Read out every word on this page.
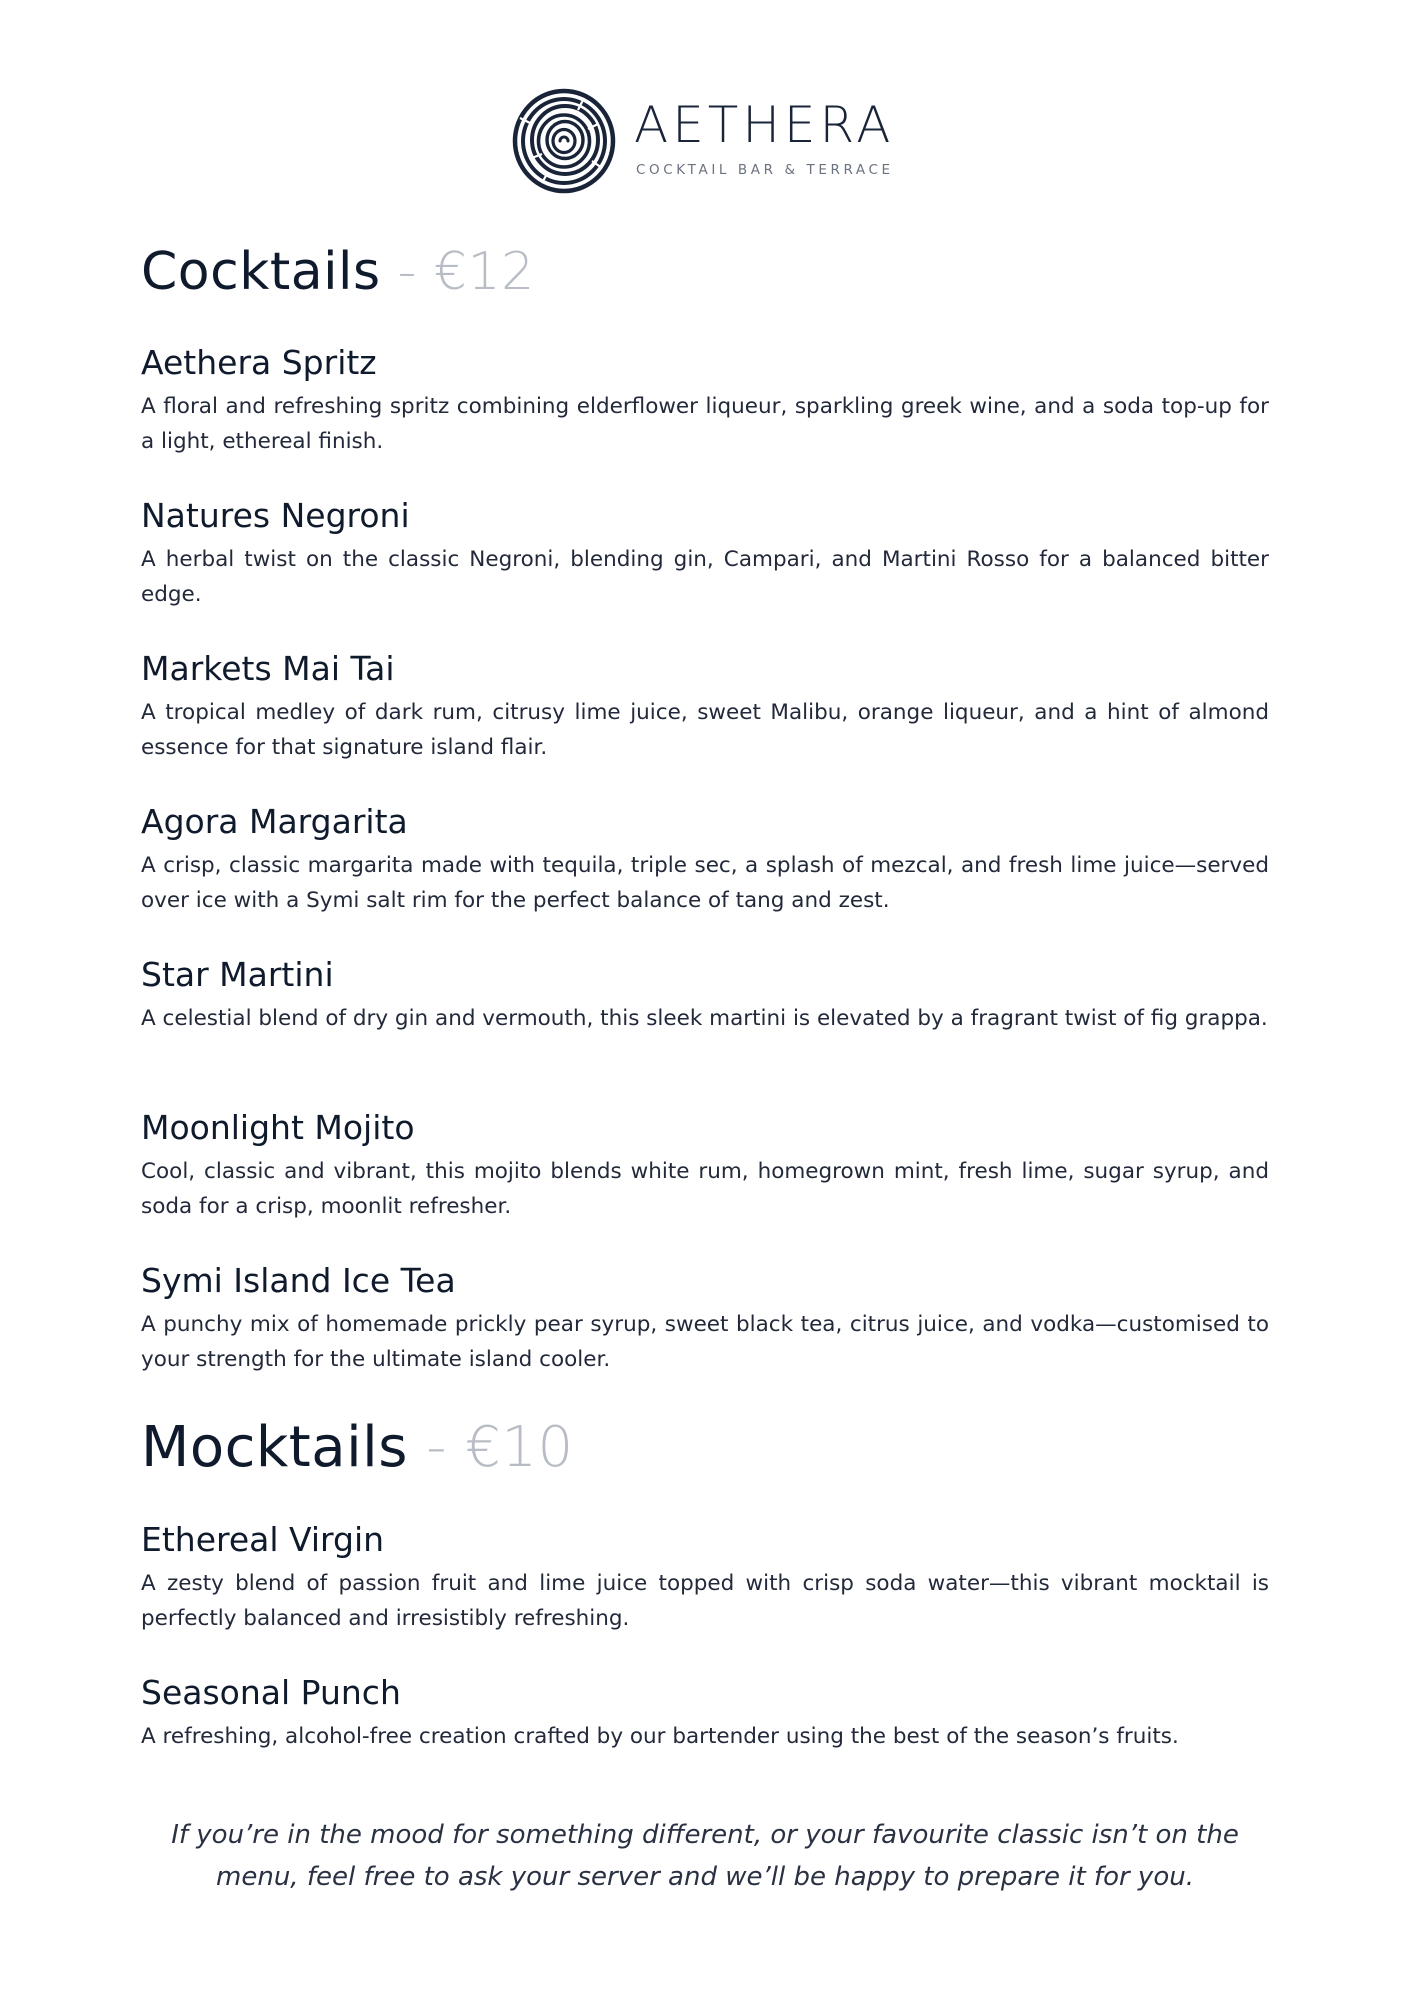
AETHERA
COCKTAIL BAR & TERRACE
Cocktails - €12
Aethera Spritz

A floral and refreshing spritz combining elderflower liqueur, sparkling greek wine, and a soda top-up for a light, ethereal finish.

Natures Negroni

A herbal twist on the classic Negroni, blending gin, Campari, and Martini Rosso for a balanced bitter edge.

Markets Mai Tai

A tropical medley of dark rum, citrusy lime juice, sweet Malibu, orange liqueur, and a hint of almond essence for that signature island flair.

Agora Margarita

A crisp, classic margarita made with tequila, triple sec, a splash of mezcal, and fresh lime juice—served over ice with a Symi salt rim for the perfect balance of tang and zest.

Star Martini

A celestial blend of dry gin and vermouth, this sleek martini is elevated by a fragrant twist of fig grappa.

Moonlight Mojito

Cool, classic and vibrant, this mojito blends white rum, homegrown mint, fresh lime, sugar syrup, and soda for a crisp, moonlit refresher.

Symi Island Ice Tea

A punchy mix of homemade prickly pear syrup, sweet black tea, citrus juice, and vodka—customised to your strength for the ultimate island cooler.

Mocktails - €10
Ethereal Virgin

A zesty blend of passion fruit and lime juice topped with crisp soda water—this vibrant mocktail is perfectly balanced and irresistibly refreshing.

Seasonal Punch

A refreshing, alcohol-free creation crafted by our bartender using the best of the season’s fruits.

If you’re in the mood for something different, or your favourite classic isn’t on the menu, feel free to ask your server and we’ll be happy to prepare it for you.
